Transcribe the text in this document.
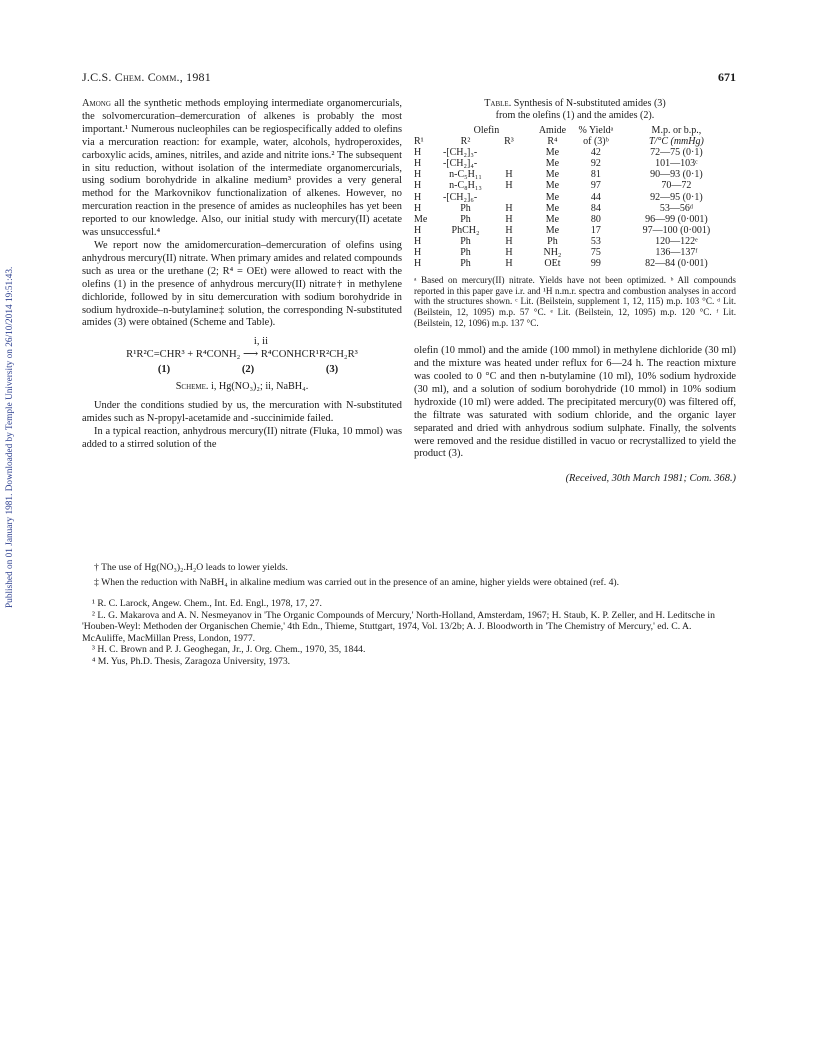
Published on 01 January 1981. Downloaded by Temple University on 26/10/2014 19:51:43.
J.C.S. Chem. Comm., 1981	671

Among all the synthetic methods employing intermediate organomercurials, the solvomercuration–demercuration of alkenes is probably the most important.¹ Numerous nucleophiles can be regiospecifically added to olefins via a mercuration reaction: for example, water, alcohols, hydroperoxides, carboxylic acids, amines, nitriles, and azide and nitrite ions.² The subsequent in situ reduction, without isolation of the intermediate organomercurials, using sodium borohydride in alkaline medium³ provides a very general method for the Markovnikov functionalization of alkenes. However, no mercuration reaction in the presence of amides as nucleophiles has yet been reported to our knowledge. Also, our initial study with mercury(II) acetate was unsuccessful.⁴

We report now the amidomercuration–demercuration of olefins using anhydrous mercury(II) nitrate. When primary amides and related compounds such as urea or the urethane (2; R⁴ = OEt) were allowed to react with the olefins (1) in the presence of anhydrous mercury(II) nitrate† in methylene dichloride, followed by in situ demercuration with sodium borohydride in sodium hydroxide–n-butylamine‡ solution, the corresponding N-substituted amides (3) were obtained (Scheme and Table).

i, ii
R¹R²C=CHR³ + R⁴CONH₂ ⟶ R⁴CONHCR¹R²CH₂R³
(1)	(2)	(3)
Scheme. i, Hg(NO₃)₂; ii, NaBH₄.

Under the conditions studied by us, the mercuration with N-substituted amides such as N-propyl-acetamide and -succinimide failed.

In a typical reaction, anhydrous mercury(II) nitrate (Fluka, 10 mmol) was added to a stirred solution of the

Table. Synthesis of N-substituted amides (3)
from the olefins (1) and the amides (2).
	Olefin		Amide	% Yieldᵃ	M.p. or b.p.,
R¹	R²	R³	R⁴	of (3)ᵇ	T/°C (mmHg)
H	-[CH₂]₃-		Me	42	72—75 (0·1)
H	-[CH₂]₄-		Me	92	101—103ᶜ
H	n-C₅H₁₁	H	Me	81	90—93 (0·1)
H	n-C₈H₁₃	H	Me	97	70—72
H	-[CH₂]₆-		Me	44	92—95 (0·1)
H	Ph	H	Me	84	53—56ᵈ
Me	Ph	H	Me	80	96—99 (0·001)
H	PhCH₂	H	Me	17	97—100 (0·001)
H	Ph	H	Ph	53	120—122ᵉ
H	Ph	H	NH₂	75	136—137ᶠ
H	Ph	H	OEt	99	82—84 (0·001)
ᵃ Based on mercury(II) nitrate. Yields have not been optimized. ᵇ All compounds reported in this paper gave i.r. and ¹H n.m.r. spectra and combustion analyses in accord with the structures shown. ᶜ Lit. (Beilstein, supplement 1, 12, 115) m.p. 103 °C. ᵈ Lit. (Beilstein, 12, 1095) m.p. 57 °C. ᵉ Lit. (Beilstein, 12, 1095) m.p. 120 °C. ᶠ Lit. (Beilstein, 12, 1096) m.p. 137 °C.

olefin (10 mmol) and the amide (100 mmol) in methylene dichloride (30 ml) and the mixture was heated under reflux for 6—24 h. The reaction mixture was cooled to 0 °C and then n-butylamine (10 ml), 10% sodium hydroxide (30 ml), and a solution of sodium borohydride (10 mmol) in 10% sodium hydroxide (10 ml) were added. The precipitated mercury(0) was filtered off, the filtrate was saturated with sodium chloride, and the organic layer separated and dried with anhydrous sodium sulphate. Finally, the solvents were removed and the residue distilled in vacuo or recrystallized to yield the product (3).

(Received, 30th March 1981; Com. 368.)

† The use of Hg(NO₃)₂.H₂O leads to lower yields.

‡ When the reduction with NaBH₄ in alkaline medium was carried out in the presence of an amine, higher yields were obtained (ref. 4).

¹ R. C. Larock, Angew. Chem., Int. Ed. Engl., 1978, 17, 27.

² L. G. Makarova and A. N. Nesmeyanov in 'The Organic Compounds of Mercury,' North-Holland, Amsterdam, 1967; H. Staub, K. P. Zeller, and H. Leditsche in 'Houben-Weyl: Methoden der Organischen Chemie,' 4th Edn., Thieme, Stuttgart, 1974, Vol. 13/2b; A. J. Bloodworth in 'The Chemistry of Mercury,' ed. C. A. McAuliffe, MacMillan Press, London, 1977.

³ H. C. Brown and P. J. Geoghegan, Jr., J. Org. Chem., 1970, 35, 1844.

⁴ M. Yus, Ph.D. Thesis, Zaragoza University, 1973.
